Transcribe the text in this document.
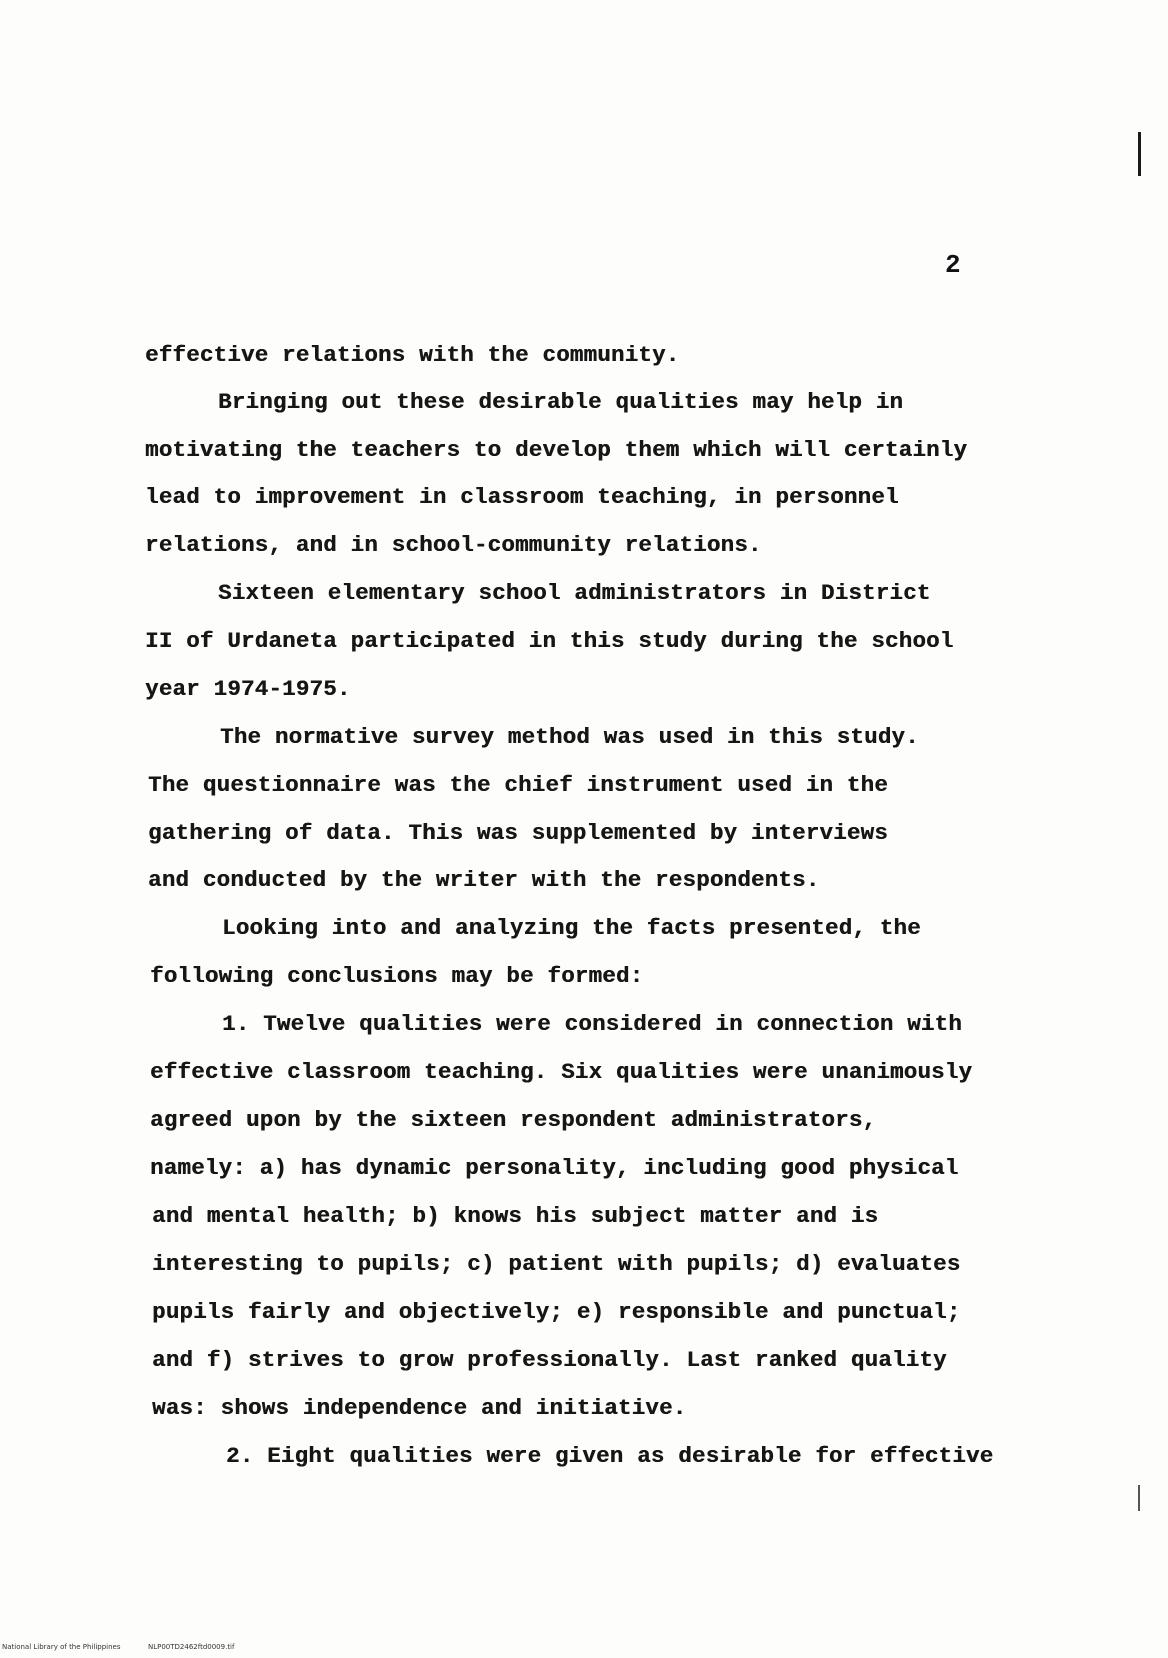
2
effective relations with the community.
Bringing out these desirable qualities may help in
motivating the teachers to develop them which will certainly
lead to improvement in classroom teaching, in personnel
relations, and in school-community relations.
Sixteen elementary school administrators in District
II of Urdaneta participated in this study during the school
year 1974-1975.
The normative survey method was used in this study.
The questionnaire was the chief instrument used in the
gathering of data. This was supplemented by interviews
and conducted by the writer with the respondents.
Looking into and analyzing the facts presented, the
following conclusions may be formed:
1. Twelve qualities were considered in connection with
effective classroom teaching. Six qualities were unanimously
agreed upon by the sixteen respondent administrators,
namely: a) has dynamic personality, including good physical
and mental health; b) knows his subject matter and is
interesting to pupils; c) patient with pupils; d) evaluates
pupils fairly and objectively; e) responsible and punctual;
and f) strives to grow professionally. Last ranked quality
was: shows independence and initiative.
2. Eight qualities were given as desirable for effective
National Library of the Philippines	NLP00TD2462ftd0009.tif
